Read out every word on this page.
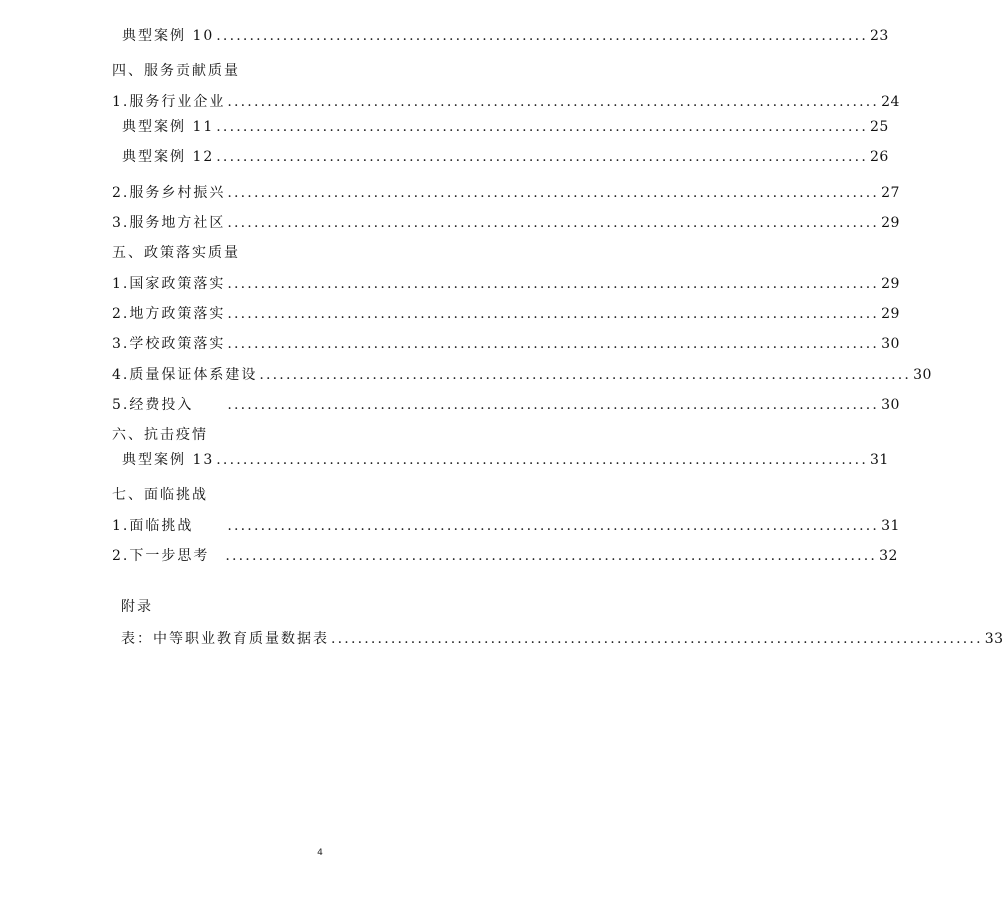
典型案例 10 .................................................................................................. 23
四、服务贡献质量
1.服务行业企业 .................................................................................................. 24
典型案例 11 .................................................................................................. 25
典型案例 12 .................................................................................................. 26
2.服务乡村振兴 .................................................................................................. 27
3.服务地方社区 .................................................................................................. 29
五、政策落实质量
1.国家政策落实 .................................................................................................. 29
2.地方政策落实 .................................................................................................. 29
3.学校政策落实 .................................................................................................. 30
4.质量保证体系建设 .................................................................................................. 30
5.经费投入 .................................................................................................. 30
六、抗击疫情
典型案例 13 .................................................................................................. 31
七、面临挑战
1.面临挑战 .................................................................................................. 31
2.下一步思考 .................................................................................................. 32
附录
表：中等职业教育质量数据表 .................................................................................................. 33
4
